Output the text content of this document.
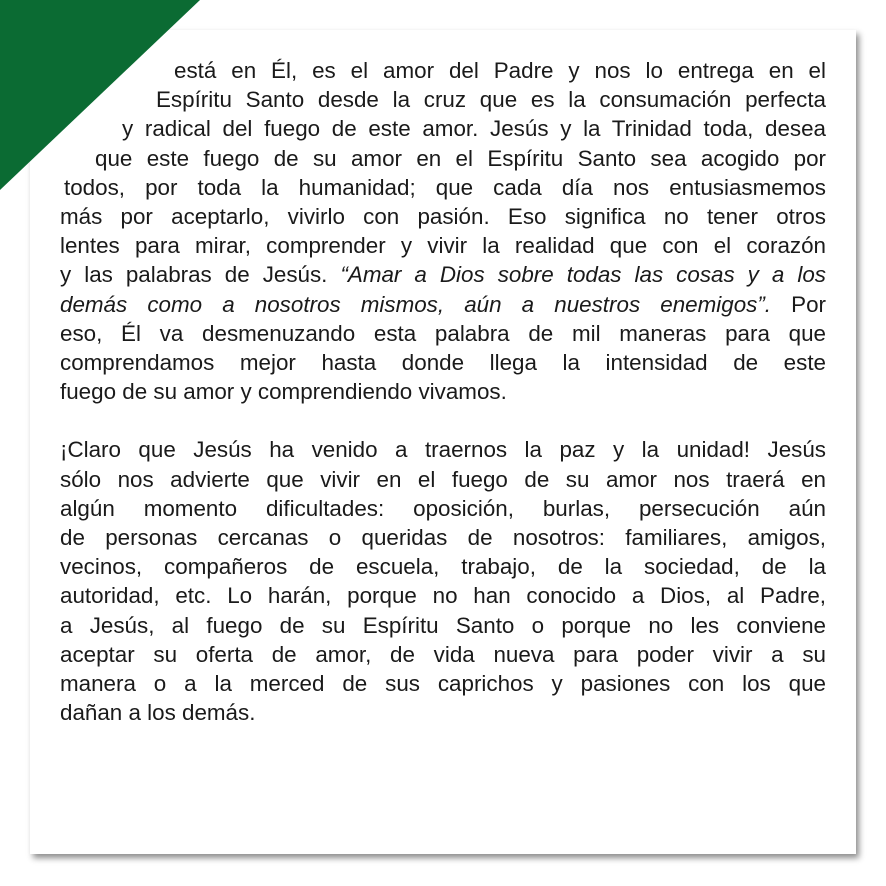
está en Él, es el amor del Padre y nos lo entrega en el
Espíritu Santo desde la cruz que es la consumación perfecta
y radical del fuego de este amor. Jesús y la Trinidad toda, desea
que este fuego de su amor en el Espíritu Santo sea acogido por
todos, por toda la humanidad; que cada día nos entusiasmemos
más por aceptarlo, vivirlo con pasión. Eso significa no tener otros
lentes para mirar, comprender y vivir la realidad que con el corazón
y las palabras de Jesús. “Amar a Dios sobre todas las cosas y a los
demás como a nosotros mismos, aún a nuestros enemigos”. Por
eso, Él va desmenuzando esta palabra de mil maneras para que
comprendamos mejor hasta donde llega la intensidad de este
fuego de su amor y comprendiendo vivamos.
¡Claro que Jesús ha venido a traernos la paz y la unidad! Jesús
sólo nos advierte que vivir en el fuego de su amor nos traerá en
algún momento dificultades: oposición, burlas, persecución aún
de personas cercanas o queridas de nosotros: familiares, amigos,
vecinos, compañeros de escuela, trabajo, de la sociedad, de la
autoridad, etc. Lo harán, porque no han conocido a Dios, al Padre,
a Jesús, al fuego de su Espíritu Santo o porque no les conviene
aceptar su oferta de amor, de vida nueva para poder vivir a su
manera o a la merced de sus caprichos y pasiones con los que
dañan a los demás.
